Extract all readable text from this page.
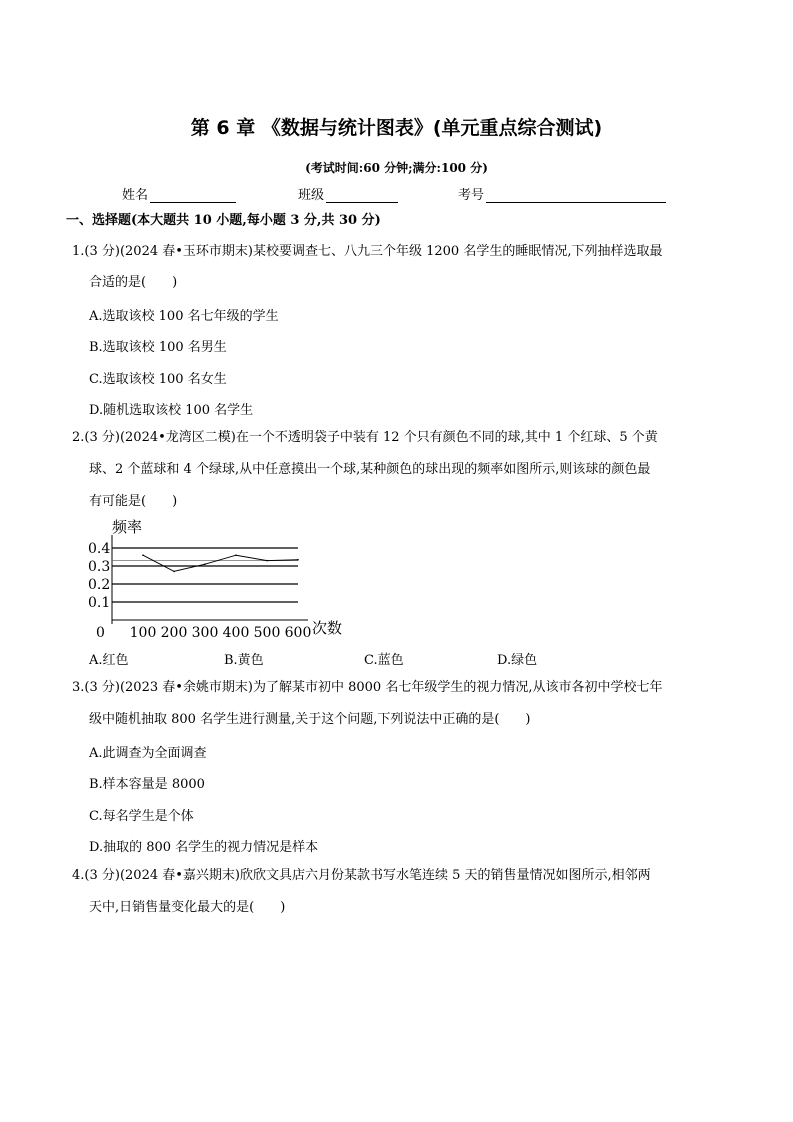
第 6 章 《数据与统计图表》(单元重点综合测试)
(考试时间:60 分钟;满分:100 分)
姓名	班级	考号
一、选择题(本大题共 10 小题,每小题 3 分,共 30 分)
1.(3 分)(2024 春•玉环市期末)某校要调查七、八九三个年级 1200 名学生的睡眠情况,下列抽样选取最
合适的是(　　)
A.选取该校 100 名七年级的学生
B.选取该校 100 名男生
C.选取该校 100 名女生
D.随机选取该校 100 名学生
2.(3 分)(2024•龙湾区二模)在一个不透明袋子中装有 12 个只有颜色不同的球,其中 1 个红球、5 个黄
球、2 个蓝球和 4 个绿球,从中任意摸出一个球,某种颜色的球出现的频率如图所示,则该球的颜色最
有可能是(　　)
0.1
0.2
0.3
0.4
0 100 200 300 400 500 600
频率
次数
A.红色	B.黄色	C.蓝色	D.绿色
3.(3 分)(2023 春•余姚市期末)为了解某市初中 8000 名七年级学生的视力情况,从该市各初中学校七年
级中随机抽取 800 名学生进行测量,关于这个问题,下列说法中正确的是(　　)
A.此调查为全面调查
B.样本容量是 8000
C.每名学生是个体
D.抽取的 800 名学生的视力情况是样本
4.(3 分)(2024 春•嘉兴期末)欣欣文具店六月份某款书写水笔连续 5 天的销售量情况如图所示,相邻两
天中,日销售量变化最大的是(　　)
